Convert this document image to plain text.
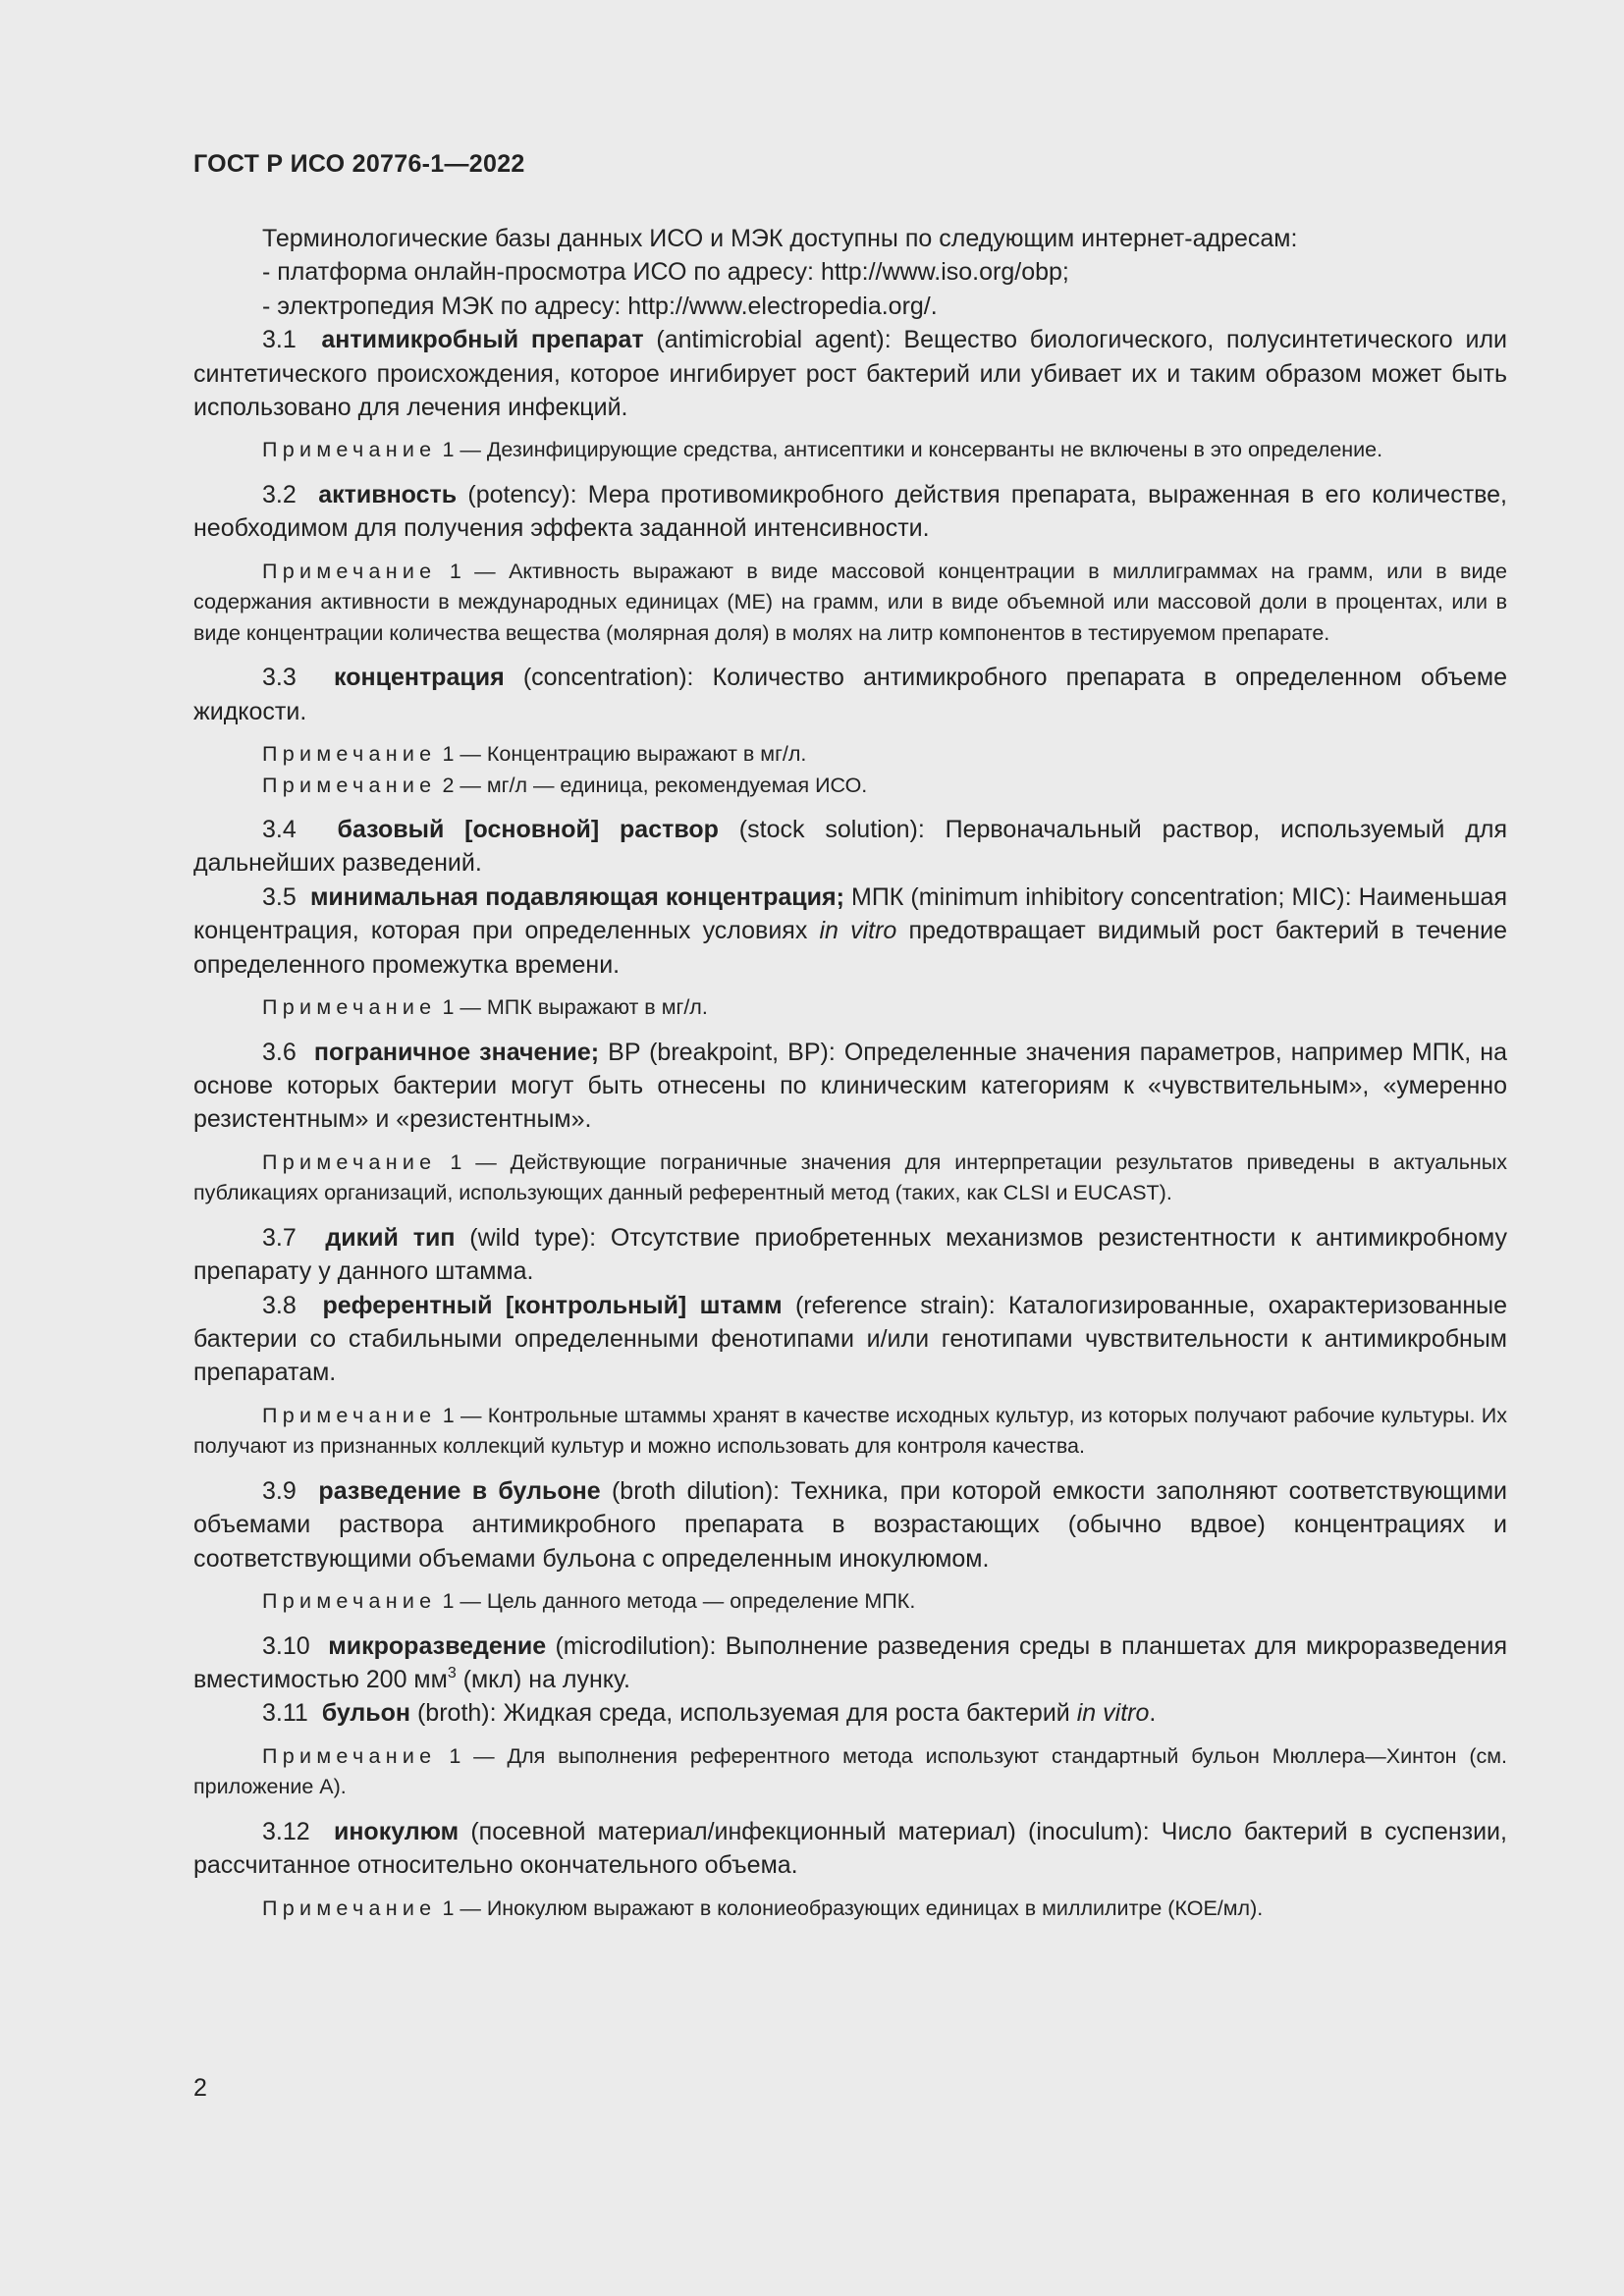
ГОСТ Р ИСО 20776-1—2022

Терминологические базы данных ИСО и МЭК доступны по следующим интернет-адресам:

- платформа онлайн-просмотра ИСО по адресу: http://www.iso.org/obp;

- электропедия МЭК по адресу: http://www.electropedia.org/.

3.1 антимикробный препарат (antimicrobial agent): Вещество биологического, полусинтетического или синтетического происхождения, которое ингибирует рост бактерий или убивает их и таким образом может быть использовано для лечения инфекций.

Примечание 1 — Дезинфицирующие средства, антисептики и консерванты не включены в это определение.

3.2 активность (potency): Мера противомикробного действия препарата, выраженная в его количестве, необходимом для получения эффекта заданной интенсивности.

Примечание 1 — Активность выражают в виде массовой концентрации в миллиграммах на грамм, или в виде содержания активности в международных единицах (МЕ) на грамм, или в виде объемной или массовой доли в процентах, или в виде концентрации количества вещества (молярная доля) в молях на литр компонентов в тестируемом препарате.

3.3 концентрация (concentration): Количество антимикробного препарата в определенном объеме жидкости.

Примечание 1 — Концентрацию выражают в мг/л.

Примечание 2 — мг/л — единица, рекомендуемая ИСО.

3.4 базовый [основной] раствор (stock solution): Первоначальный раствор, используемый для дальнейших разведений.

3.5 минимальная подавляющая концентрация; МПК (minimum inhibitory concentration; MIC): Наименьшая концентрация, которая при определенных условиях in vitro предотвращает видимый рост бактерий в течение определенного промежутка времени.

Примечание 1 — МПК выражают в мг/л.

3.6 пограничное значение; BP (breakpoint, BP): Определенные значения параметров, например МПК, на основе которых бактерии могут быть отнесены по клиническим категориям к «чувствительным», «умеренно резистентным» и «резистентным».

Примечание 1 — Действующие пограничные значения для интерпретации результатов приведены в актуальных публикациях организаций, использующих данный референтный метод (таких, как CLSI и EUCAST).

3.7 дикий тип (wild type): Отсутствие приобретенных механизмов резистентности к антимикробному препарату у данного штамма.

3.8 референтный [контрольный] штамм (reference strain): Каталогизированные, охарактеризованные бактерии со стабильными определенными фенотипами и/или генотипами чувствительности к антимикробным препаратам.

Примечание 1 — Контрольные штаммы хранят в качестве исходных культур, из которых получают рабочие культуры. Их получают из признанных коллекций культур и можно использовать для контроля качества.

3.9 разведение в бульоне (broth dilution): Техника, при которой емкости заполняют соответствующими объемами раствора антимикробного препарата в возрастающих (обычно вдвое) концентрациях и соответствующими объемами бульона с определенным инокулюмом.

Примечание 1 — Цель данного метода — определение МПК.

3.10 микроразведение (microdilution): Выполнение разведения среды в планшетах для микроразведения вместимостью 200 $мм^3$ (мкл) на лунку.

3.11 бульон (broth): Жидкая среда, используемая для роста бактерий in vitro.

Примечание 1 — Для выполнения референтного метода используют стандартный бульон Мюллера—Хинтон (см. приложение А).

3.12 инокулюм (посевной материал/инфекционный материал) (inoculum): Число бактерий в суспензии, рассчитанное относительно окончательного объема.

Примечание 1 — Инокулюм выражают в колониеобразующих единицах в миллилитре (КОЕ/мл).

2
